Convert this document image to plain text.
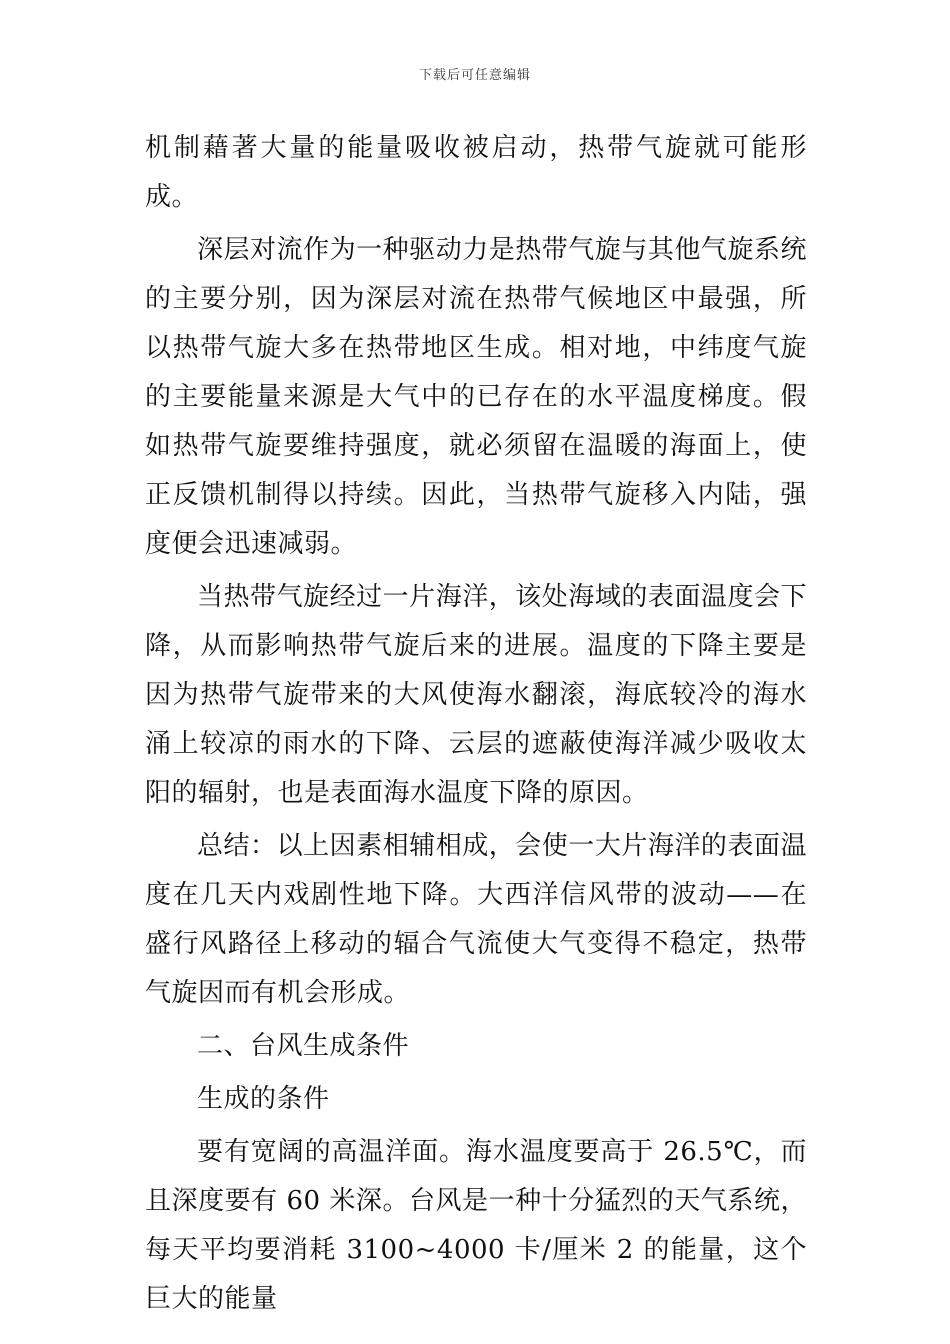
下载后可任意编辑

机制藉著大量的能量吸收被启动，热带气旋就可能形成。

深层对流作为一种驱动力是热带气旋与其他气旋系统的主要分别，因为深层对流在热带气候地区中最强，所以热带气旋大多在热带地区生成。相对地，中纬度气旋的主要能量来源是大气中的已存在的水平温度梯度。假如热带气旋要维持强度，就必须留在温暖的海面上，使正反馈机制得以持续。因此，当热带气旋移入内陆，强度便会迅速减弱。

当热带气旋经过一片海洋，该处海域的表面温度会下降，从而影响热带气旋后来的进展。温度的下降主要是因为热带气旋带来的大风使海水翻滚，海底较冷的海水涌上较凉的雨水的下降、云层的遮蔽使海洋减少吸收太阳的辐射，也是表面海水温度下降的原因。

总结：以上因素相辅相成，会使一大片海洋的表面温度在几天内戏剧性地下降。大西洋信风带的波动——在盛行风路径上移动的辐合气流使大气变得不稳定，热带气旋因而有机会形成。

二、台风生成条件

生成的条件

要有宽阔的高温洋面。海水温度要高于 26.5℃，而且深度要有 60 米深。台风是一种十分猛烈的天气系统，每天平均要消耗 3100~4000 卡/厘米 2 的能量，这个巨大的能量
